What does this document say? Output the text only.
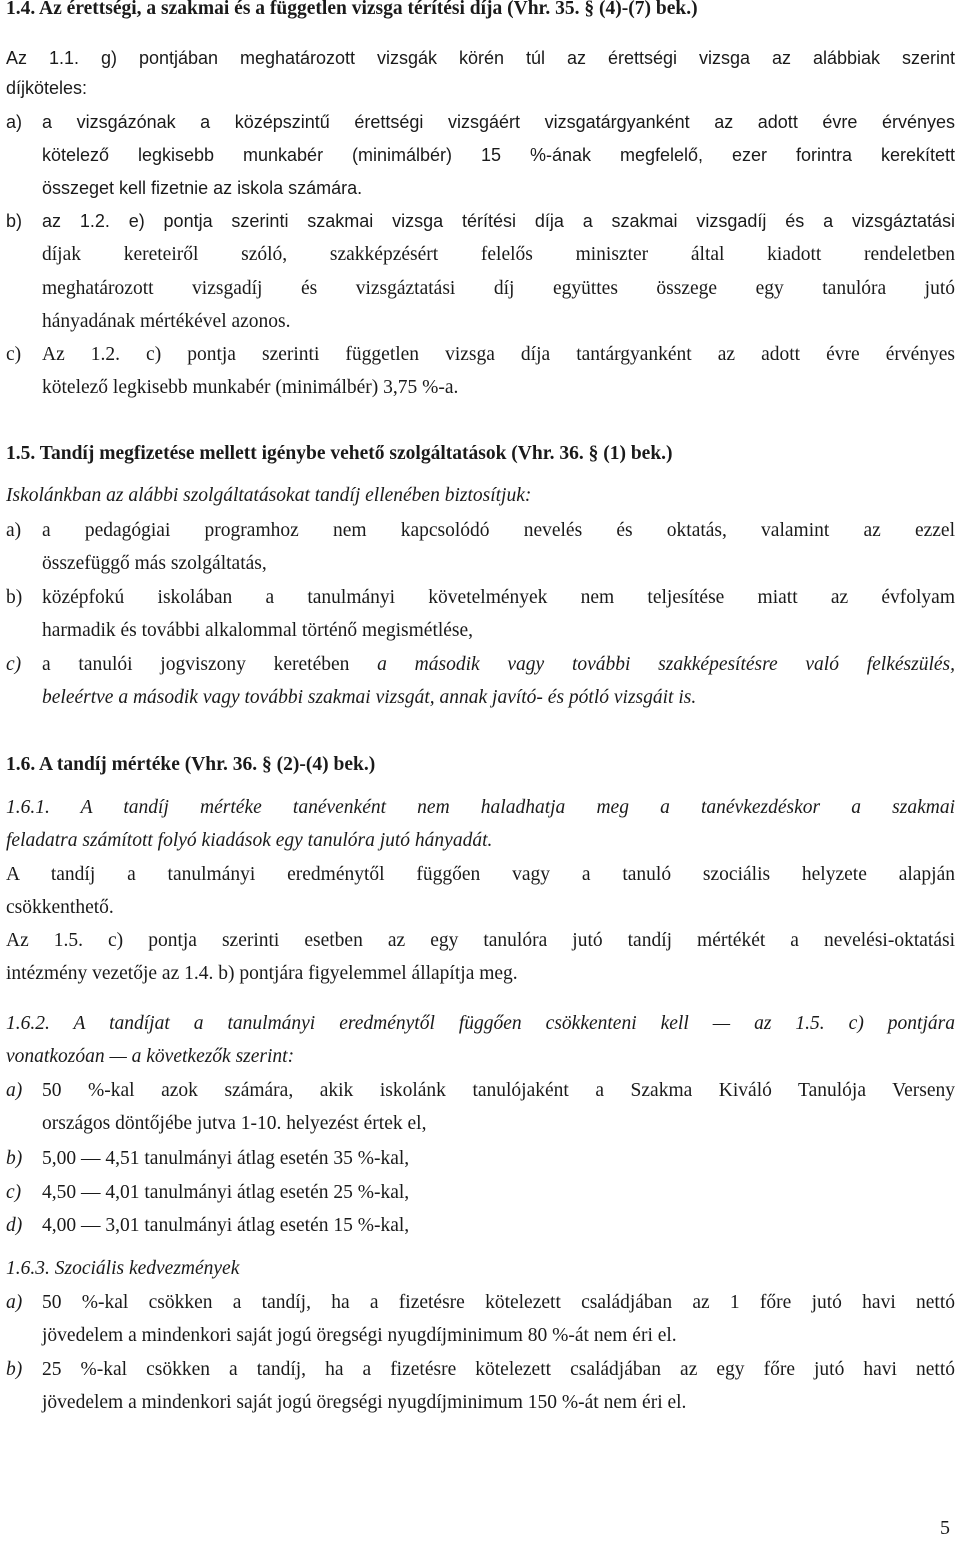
1.4. Az érettségi, a szakmai és a független vizsga térítési díja (Vhr. 35. § (4)-(7) bek.)

Az 1.1. g) pontjában meghatározott vizsgák körén túl az érettségi vizsga az alábbiak szerint

díjköteles:

a) a vizsgázónak a középszintű érettségi vizsgáért vizsgatárgyanként az adott évre érvényes

kötelező legkisebb munkabér (minimálbér) 15 %-ának megfelelő, ezer forintra kerekített

összeget kell fizetnie az iskola számára.

b) az 1.2. e) pontja szerinti szakmai vizsga térítési díja a szakmai vizsgadíj és a vizsgáztatási

díjak kereteiről szóló, szakképzésért felelős miniszter által kiadott rendeletben

meghatározott vizsgadíj és vizsgáztatási díj együttes összege egy tanulóra jutó

hányadának mértékével azonos.

c) Az 1.2. c) pontja szerinti független vizsga díja tantárgyanként az adott évre érvényes

kötelező legkisebb munkabér (minimálbér) 3,75 %-a.

1.5. Tandíj megfizetése mellett igénybe vehető szolgáltatások (Vhr. 36. § (1) bek.)

Iskolánkban az alábbi szolgáltatásokat tandíj ellenében biztosítjuk:

a) a pedagógiai programhoz nem kapcsolódó nevelés és oktatás, valamint az ezzel

összefüggő más szolgáltatás,

b) középfokú iskolában a tanulmányi követelmények nem teljesítése miatt az évfolyam

harmadik és további alkalommal történő megismétlése,

c) a tanulói jogviszony keretében a második vagy további szakképesítésre való felkészülés,

beleértve a második vagy további szakmai vizsgát, annak javító- és pótló vizsgáit is.

1.6. A tandíj mértéke (Vhr. 36. § (2)-(4) bek.)

1.6.1. A tandíj mértéke tanévenként nem haladhatja meg a tanévkezdéskor a szakmai

feladatra számított folyó kiadások egy tanulóra jutó hányadát.

A tandíj a tanulmányi eredménytől függően vagy a tanuló szociális helyzete alapján

csökkenthető.

Az 1.5. c) pontja szerinti esetben az egy tanulóra jutó tandíj mértékét a nevelési-oktatási

intézmény vezetője az 1.4. b) pontjára figyelemmel állapítja meg.

1.6.2. A tandíjat a tanulmányi eredménytől függően csökkenteni kell — az 1.5. c) pontjára

vonatkozóan — a következők szerint:

a) 50 %-kal azok számára, akik iskolánk tanulójaként a Szakma Kiváló Tanulója Verseny

országos döntőjébe jutva 1-10. helyezést értek el,

b) 5,00 — 4,51 tanulmányi átlag esetén 35 %-kal,

c) 4,50 — 4,01 tanulmányi átlag esetén 25 %-kal,

d) 4,00 — 3,01 tanulmányi átlag esetén 15 %-kal,

1.6.3. Szociális kedvezmények

a) 50 %-kal csökken a tandíj, ha a fizetésre kötelezett családjában az 1 főre jutó havi nettó

jövedelem a mindenkori saját jogú öregségi nyugdíjminimum 80 %-át nem éri el.

b) 25 %-kal csökken a tandíj, ha a fizetésre kötelezett családjában az egy főre jutó havi nettó

jövedelem a mindenkori saját jogú öregségi nyugdíjminimum 150 %-át nem éri el.

5
